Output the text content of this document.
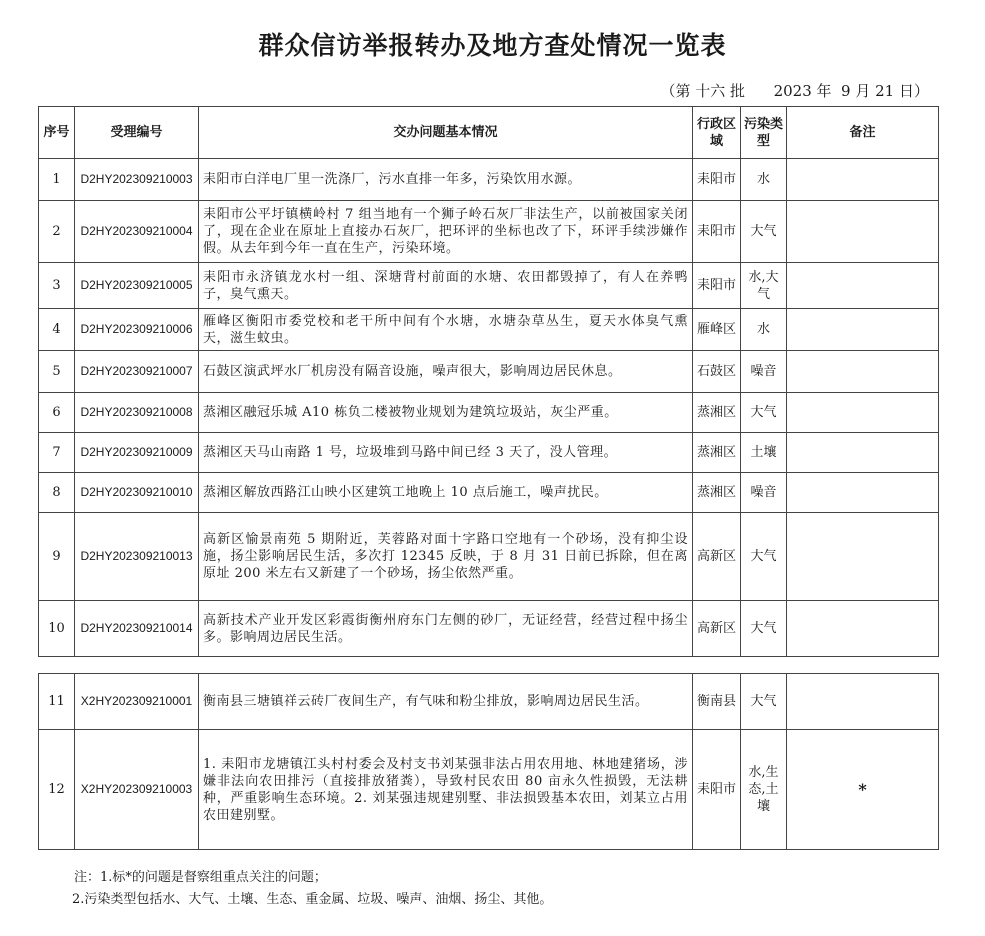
群众信访举报转办及地方查处情况一览表
（第 十六 批      2023 年  9 月 21 日）
序号	受理编号	交办问题基本情况	行政区域	污染类型	备注
1	D2HY202309210003	耒阳市白洋电厂里一洗涤厂，污水直排一年多，污染饮用水源。	耒阳市	水	
2	D2HY202309210004	耒阳市公平圩镇横岭村 7 组当地有一个狮子岭石灰厂非法生产，以前被国家关闭了，现在企业在原址上直接办石灰厂，把环评的坐标也改了下，环评手续涉嫌作假。从去年到今年一直在生产，污染环境。	耒阳市	大气	
3	D2HY202309210005	耒阳市永济镇龙水村一组、深塘背村前面的水塘、农田都毁掉了，有人在养鸭子，臭气熏天。	耒阳市	水,大气	
4	D2HY202309210006	雁峰区衡阳市委党校和老干所中间有个水塘，水塘杂草丛生，夏天水体臭气熏天，滋生蚊虫。	雁峰区	水	
5	D2HY202309210007	石鼓区演武坪水厂机房没有隔音设施，噪声很大，影响周边居民休息。	石鼓区	噪音	
6	D2HY202309210008	蒸湘区融冠乐城 A10 栋负二楼被物业规划为建筑垃圾站，灰尘严重。	蒸湘区	大气	
7	D2HY202309210009	蒸湘区天马山南路 1 号，垃圾堆到马路中间已经 3 天了，没人管理。	蒸湘区	土壤	
8	D2HY202309210010	蒸湘区解放西路江山映小区建筑工地晚上 10 点后施工，噪声扰民。	蒸湘区	噪音	
9	D2HY202309210013	高新区愉景南苑 5 期附近，芙蓉路对面十字路口空地有一个砂场，没有抑尘设施，扬尘影响居民生活，多次打 12345 反映，于 8 月 31 日前已拆除，但在离原址 200 米左右又新建了一个砂场，扬尘依然严重。	高新区	大气	
10	D2HY202309210014	高新技术产业开发区彩霞街衡州府东门左侧的砂厂，无证经营，经营过程中扬尘多。影响周边居民生活。	高新区	大气	
11	X2HY202309210001	衡南县三塘镇祥云砖厂夜间生产，有气味和粉尘排放，影响周边居民生活。	衡南县	大气	
12	X2HY202309210003	1. 耒阳市龙塘镇江头村村委会及村支书刘某强非法占用农用地、林地建猪场，涉嫌非法向农田排污（直接排放猪粪），导致村民农田 80 亩永久性损毁，无法耕种，严重影响生态环境。2. 刘某强违规建别墅、非法损毁基本农田，刘某立占用农田建别墅。	耒阳市	水,生态,土壤	*
注：1.标*的问题是督察组重点关注的问题；
2.污染类型包括水、大气、土壤、生态、重金属、垃圾、噪声、油烟、扬尘、其他。
